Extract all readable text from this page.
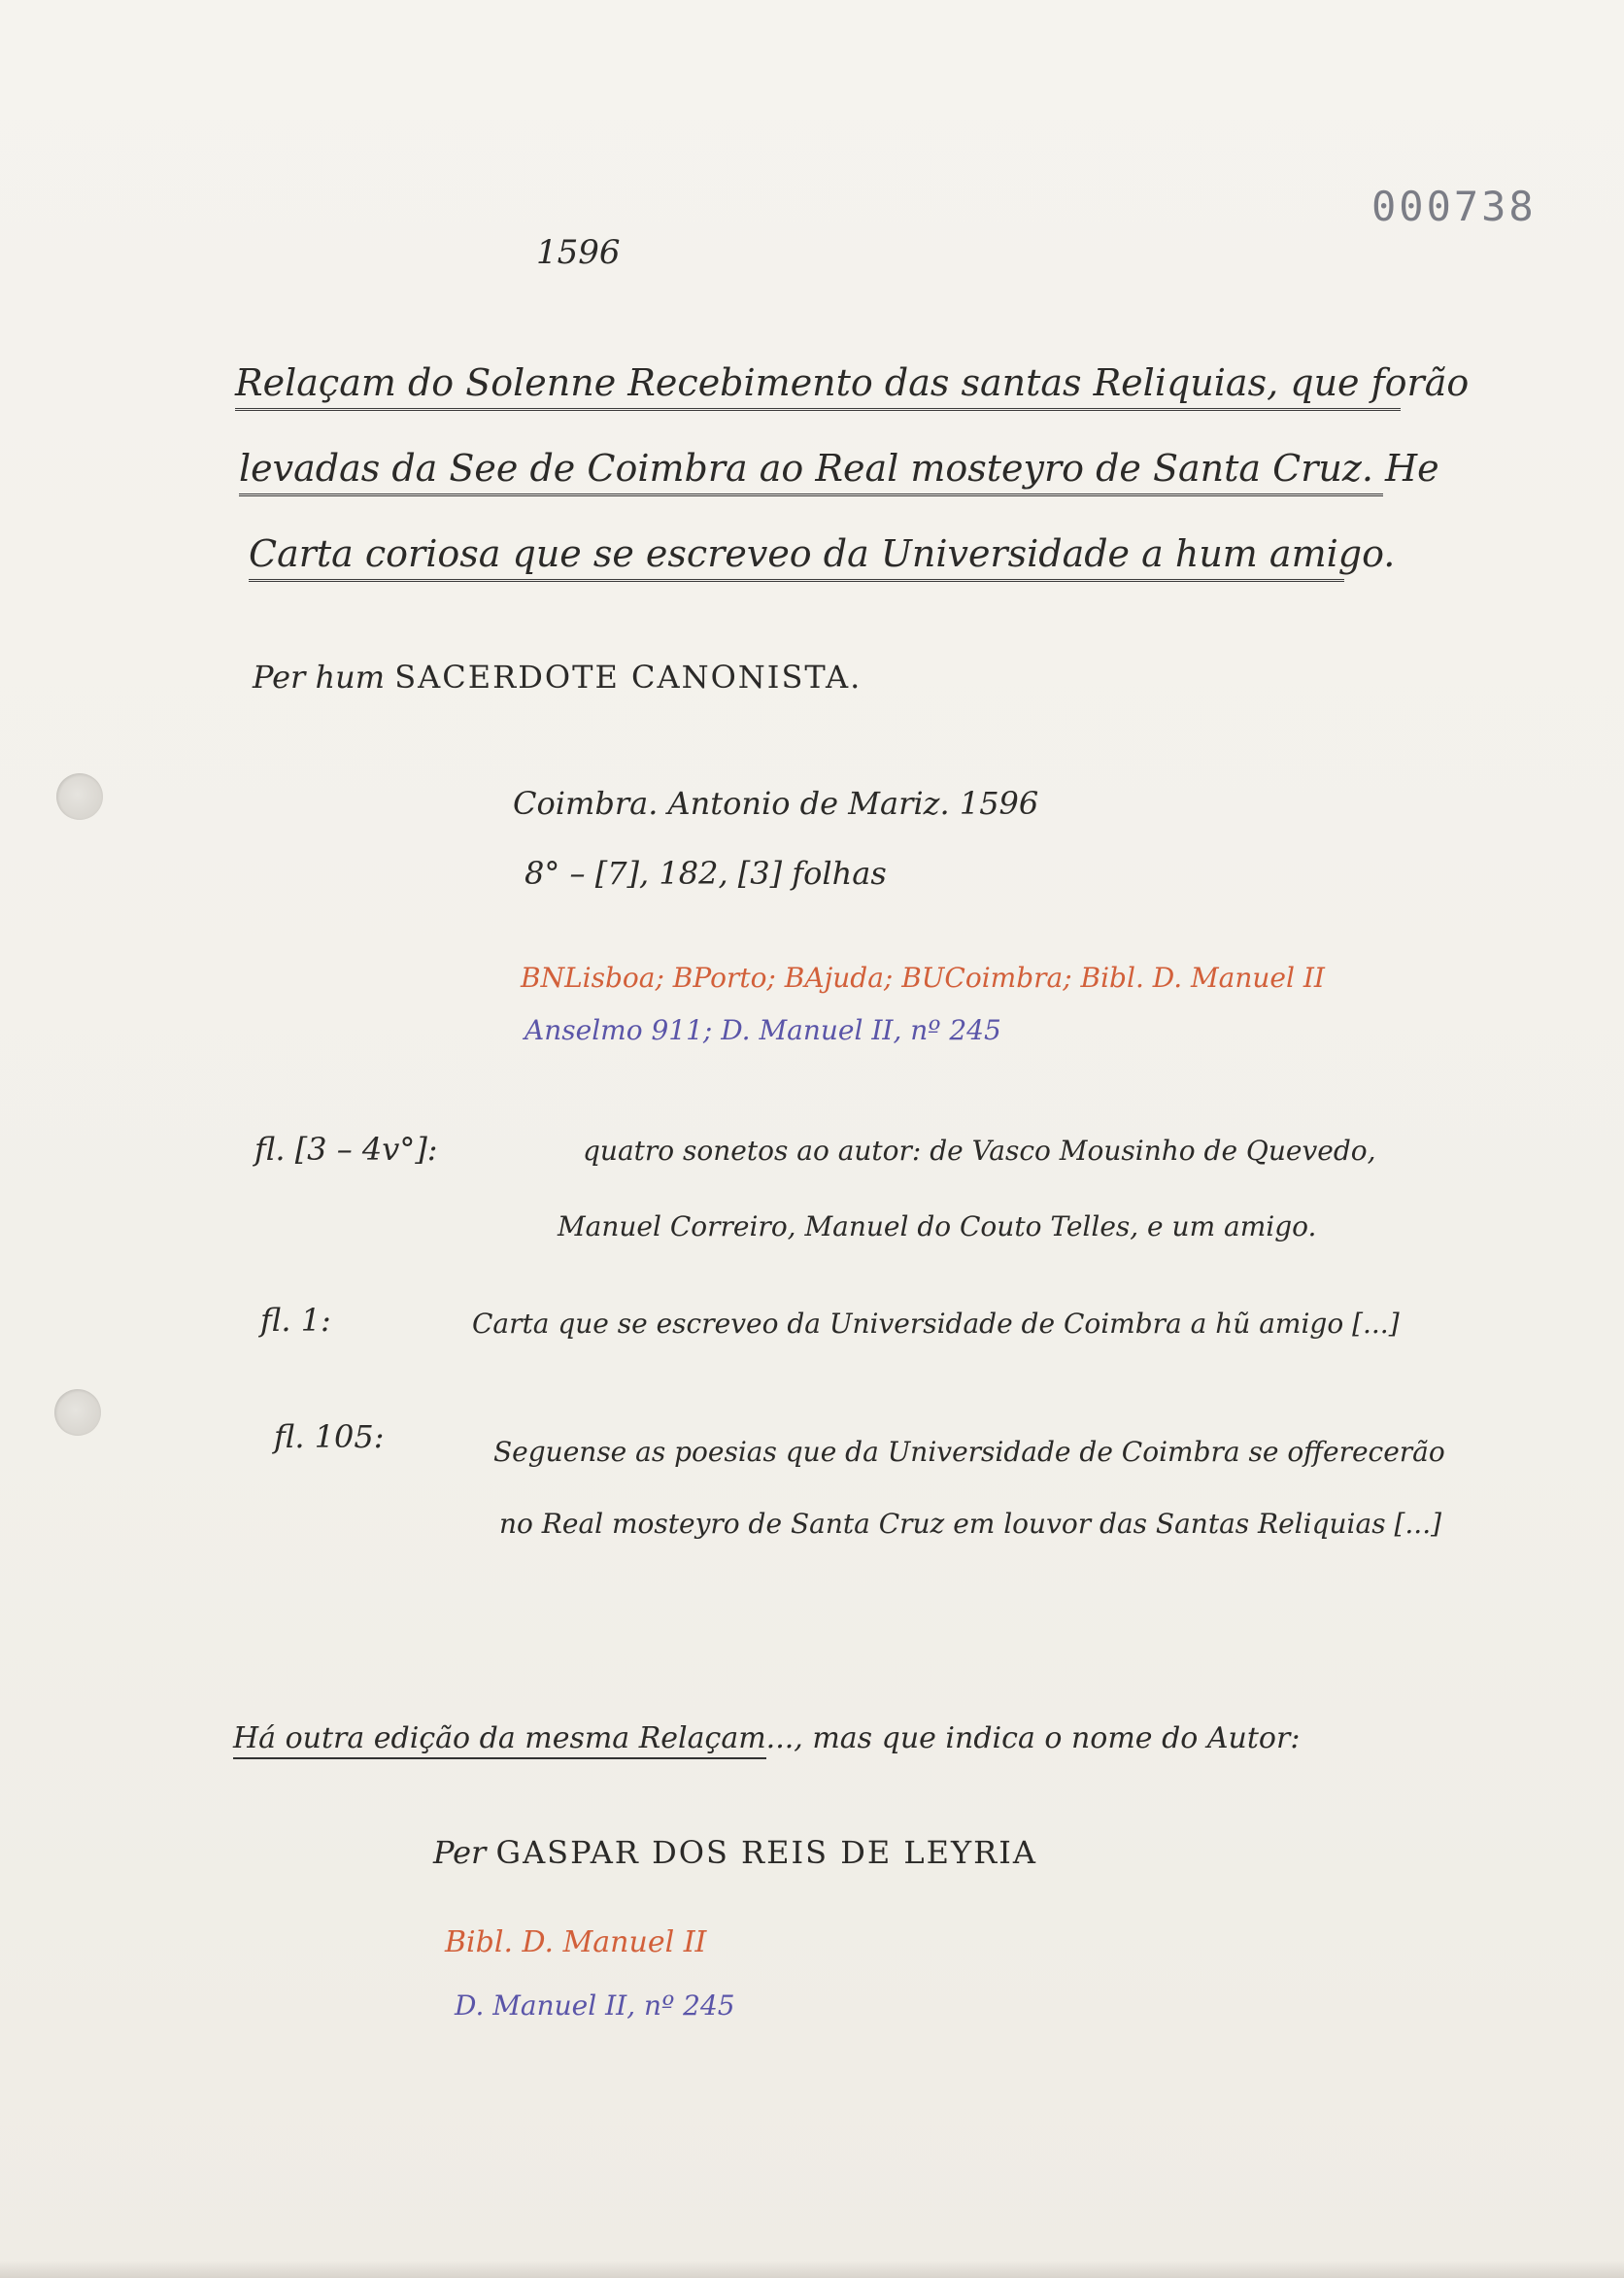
000738
1596
Relaçam do Solenne Recebimento das santas Reliquias, que forão
levadas da See de Coimbra ao Real mosteyro de Santa Cruz. He
Carta coriosa que se escreveo da Universidade a hum amigo.
Per hum SACERDOTE CANONISTA.
Coimbra. Antonio de Mariz. 1596
8° – [7], 182, [3] folhas
BNLisboa; BPorto; BAjuda; BUCoimbra; Bibl. D. Manuel II
Anselmo 911; D. Manuel II, nº 245
fl. [3 – 4v°]:	quatro sonetos ao autor: de Vasco Mousinho de Quevedo,
Manuel Correiro, Manuel do Couto Telles, e um amigo.
fl. 1:	Carta que se escreveo da Universidade de Coimbra a hũ amigo [...]
fl. 105:	Seguense as poesias que da Universidade de Coimbra se offerecerão
no Real mosteyro de Santa Cruz em louvor das Santas Reliquias [...]
Há outra edição da mesma Relaçam..., mas que indica o nome do Autor:
Per GASPAR DOS REIS DE LEYRIA
Bibl. D. Manuel II
D. Manuel II, nº 245
